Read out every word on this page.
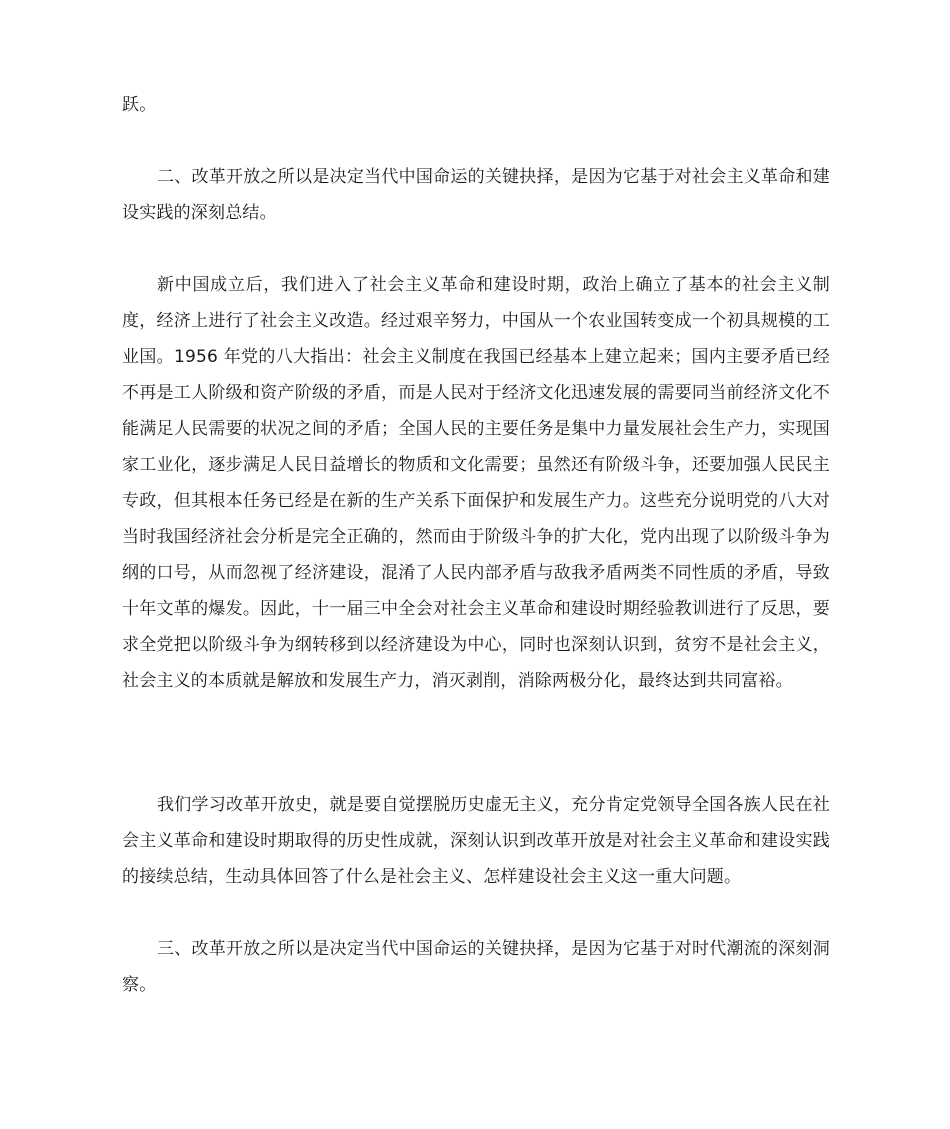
跃。

二、改革开放之所以是决定当代中国命运的关键抉择，是因为它基于对社会主义革命和建设实践的深刻总结。

新中国成立后，我们进入了社会主义革命和建设时期，政治上确立了基本的社会主义制度，经济上进行了社会主义改造。经过艰辛努力，中国从一个农业国转变成一个初具规模的工业国。1956 年党的八大指出：社会主义制度在我国已经基本上建立起来；国内主要矛盾已经不再是工人阶级和资产阶级的矛盾，而是人民对于经济文化迅速发展的需要同当前经济文化不能满足人民需要的状况之间的矛盾；全国人民的主要任务是集中力量发展社会生产力，实现国家工业化，逐步满足人民日益增长的物质和文化需要；虽然还有阶级斗争，还要加强人民民主专政，但其根本任务已经是在新的生产关系下面保护和发展生产力。这些充分说明党的八大对当时我国经济社会分析是完全正确的，然而由于阶级斗争的扩大化，党内出现了以阶级斗争为纲的口号，从而忽视了经济建设，混淆了人民内部矛盾与敌我矛盾两类不同性质的矛盾，导致十年文革的爆发。因此，十一届三中全会对社会主义革命和建设时期经验教训进行了反思，要求全党把以阶级斗争为纲转移到以经济建设为中心，同时也深刻认识到，贫穷不是社会主义，社会主义的本质就是解放和发展生产力，消灭剥削，消除两极分化，最终达到共同富裕。

我们学习改革开放史，就是要自觉摆脱历史虚无主义，充分肯定党领导全国各族人民在社会主义革命和建设时期取得的历史性成就，深刻认识到改革开放是对社会主义革命和建设实践的接续总结，生动具体回答了什么是社会主义、怎样建设社会主义这一重大问题。

三、改革开放之所以是决定当代中国命运的关键抉择，是因为它基于对时代潮流的深刻洞察。
